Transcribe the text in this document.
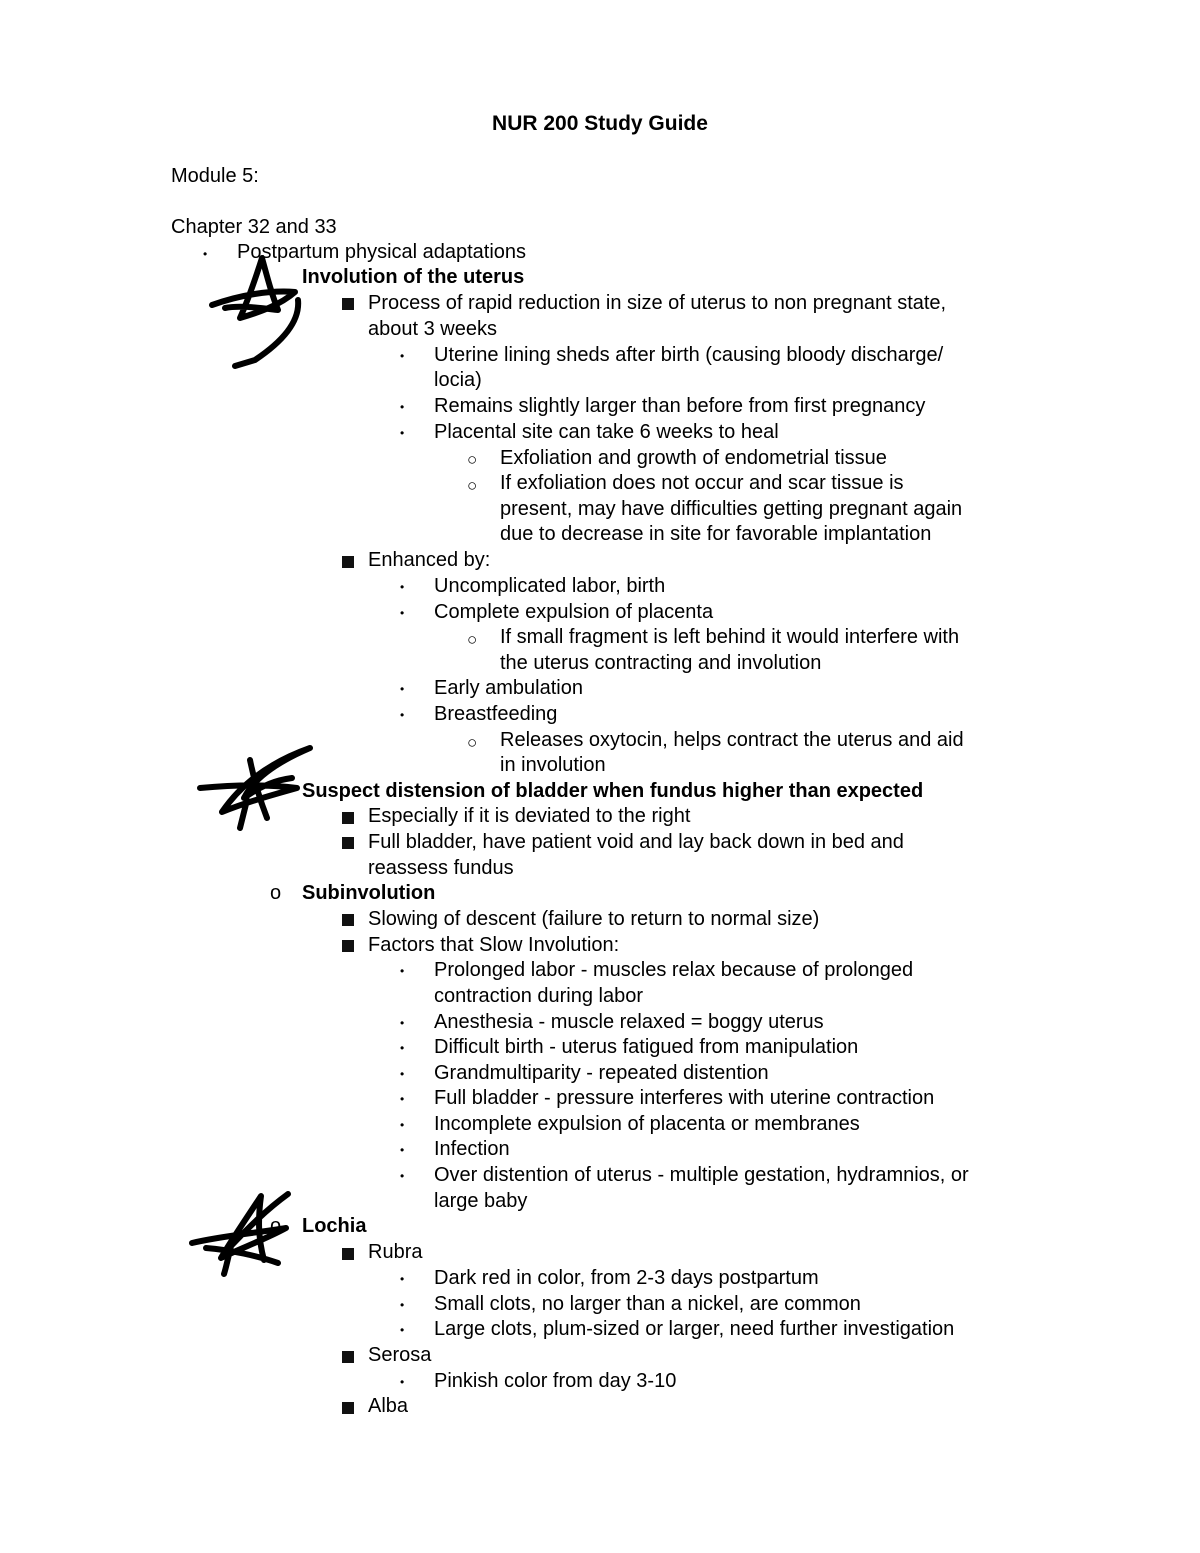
NUR 200 Study Guide
Module 5:
Chapter 32 and 33
• Postpartum physical adaptations
Involution of the uterus
Process of rapid reduction in size of uterus to non pregnant state,
about 3 weeks
• Uterine lining sheds after birth (causing bloody discharge/
locia)
• Remains slightly larger than before from first pregnancy
• Placental site can take 6 weeks to heal
○ Exfoliation and growth of endometrial tissue
○ If exfoliation does not occur and scar tissue is
present, may have difficulties getting pregnant again
due to decrease in site for favorable implantation
Enhanced by:
• Uncomplicated labor, birth
• Complete expulsion of placenta
○ If small fragment is left behind it would interfere with
the uterus contracting and involution
• Early ambulation
• Breastfeeding
○ Releases oxytocin, helps contract the uterus and aid
in involution
Suspect distension of bladder when fundus higher than expected
Especially if it is deviated to the right
Full bladder, have patient void and lay back down in bed and
reassess fundus
o Subinvolution
Slowing of descent (failure to return to normal size)
Factors that Slow Involution:
• Prolonged labor - muscles relax because of prolonged
contraction during labor
• Anesthesia - muscle relaxed = boggy uterus
• Difficult birth - uterus fatigued from manipulation
• Grandmultiparity - repeated distention
• Full bladder - pressure interferes with uterine contraction
• Incomplete expulsion of placenta or membranes
• Infection
• Over distention of uterus - multiple gestation, hydramnios, or
large baby
o Lochia
Rubra
• Dark red in color, from 2-3 days postpartum
• Small clots, no larger than a nickel, are common
• Large clots, plum-sized or larger, need further investigation
Serosa
• Pinkish color from day 3-10
Alba
